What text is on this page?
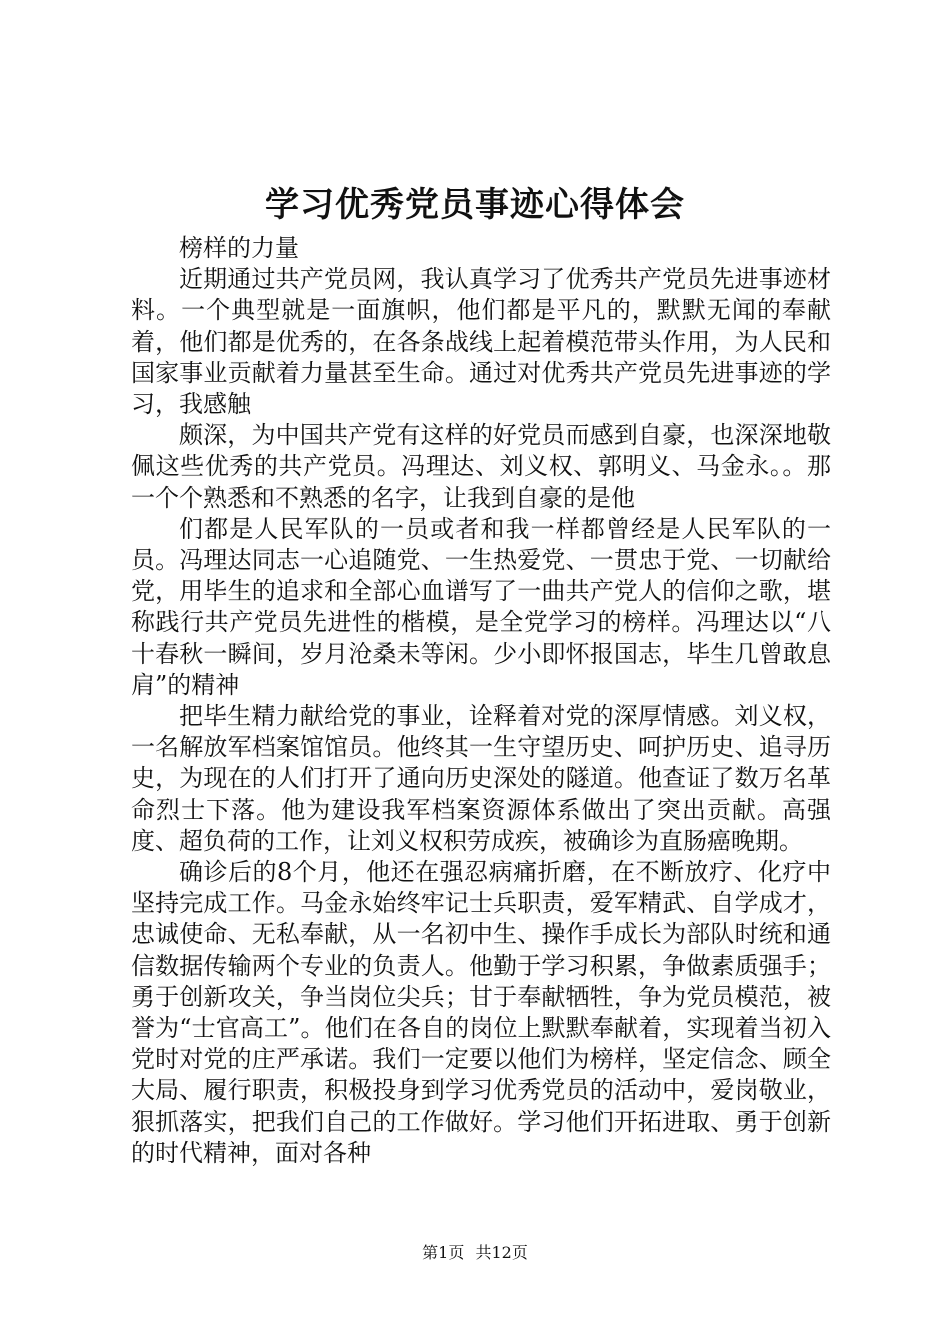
学习优秀党员事迹心得体会

榜样的力量

近期通过共产党员网，我认真学习了优秀共产党员先进事迹材料。一个典型就是一面旗帜，他们都是平凡的，默默无闻的奉献着，他们都是优秀的，在各条战线上起着模范带头作用，为人民和国家事业贡献着力量甚至生命。通过对优秀共产党员先进事迹的学习，我感触

颇深，为中国共产党有这样的好党员而感到自豪，也深深地敬佩这些优秀的共产党员。冯理达、刘义权、郭明义、马金永。。那一个个熟悉和不熟悉的名字，让我到自豪的是他

们都是人民军队的一员或者和我一样都曾经是人民军队的一员。冯理达同志一心追随党、一生热爱党、一贯忠于党、一切献给党，用毕生的追求和全部心血谱写了一曲共产党人的信仰之歌，堪称践行共产党员先进性的楷模，是全党学习的榜样。冯理达以“八十春秋一瞬间，岁月沧桑未等闲。少小即怀报国志，毕生几曾敢息肩”的精神

把毕生精力献给党的事业，诠释着对党的深厚情感。刘义权，一名解放军档案馆馆员。他终其一生守望历史、呵护历史、追寻历史，为现在的人们打开了通向历史深处的隧道。他查证了数万名革命烈士下落。他为建设我军档案资源体系做出了突出贡献。高强度、超负荷的工作，让刘义权积劳成疾，被确诊为直肠癌晚期。

确诊后的8个月，他还在强忍病痛折磨，在不断放疗、化疗中坚持完成工作。马金永始终牢记士兵职责，爱军精武、自学成才，忠诚使命、无私奉献，从一名初中生、操作手成长为部队时统和通信数据传输两个专业的负责人。他勤于学习积累，争做素质强手；勇于创新攻关，争当岗位尖兵；甘于奉献牺牲，争为党员模范，被誉为“士官高工”。他们在各自的岗位上默默奉献着，实现着当初入党时对党的庄严承诺。我们一定要以他们为榜样，坚定信念、顾全大局、履行职责，积极投身到学习优秀党员的活动中，爱岗敬业，狠抓落实，把我们自己的工作做好。学习他们开拓进取、勇于创新的时代精神，面对各种

第1页 共12页
